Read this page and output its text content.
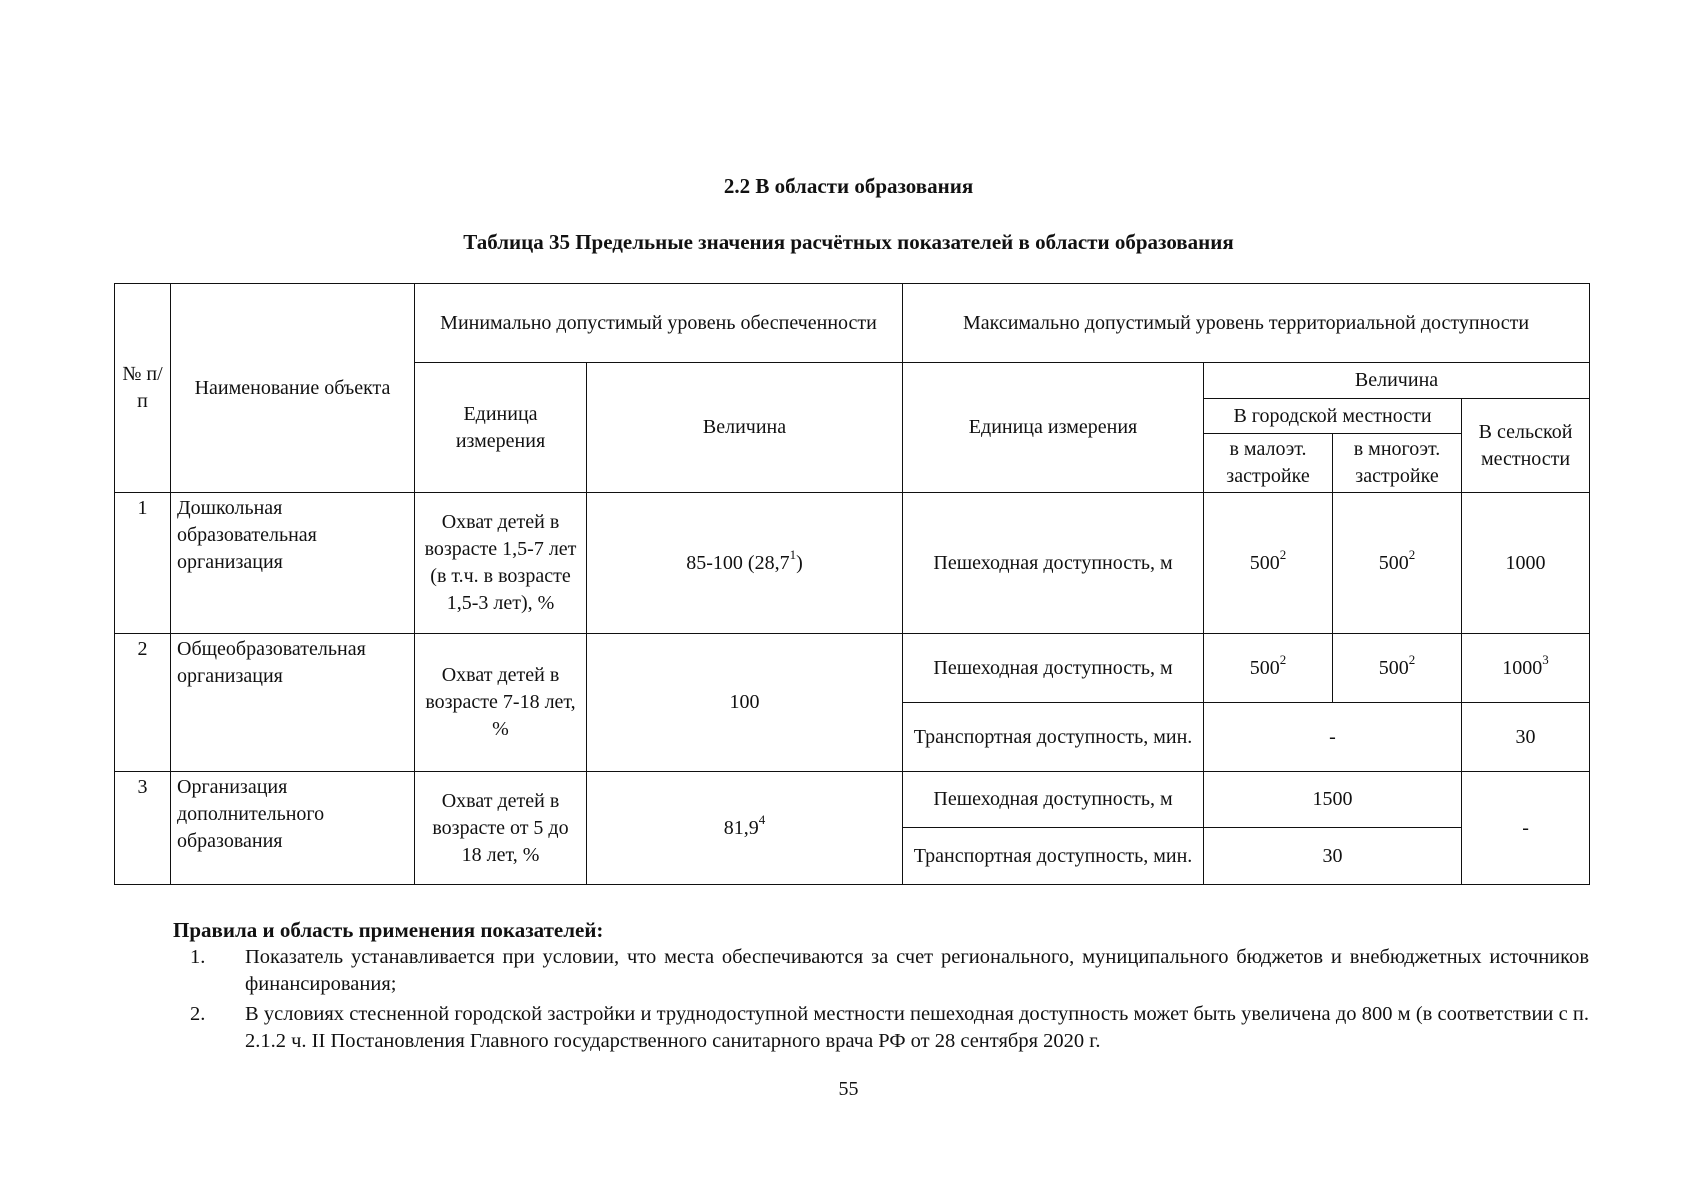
2.2 В области образования
Таблица 35 Предельные значения расчётных показателей в области образования
№ п/п	Наименование объекта	Минимально допустимый уровень обеспеченности		Максимально допустимый уровень территориальной доступности			
		Единица измерения	Величина	Единица измерения	Величина		
					В городской местности		В сельской местности
					в малоэт. застройке	в многоэт. застройке	
1	Дошкольная образовательная организация	Охват детей в возрасте 1,5-7 лет (в т.ч. в возрасте 1,5-3 лет), %	85-100 (28,7$^1$)	Пешеходная доступность, м	$500^2$	$500^2$	1000
2	Общеобразовательная организация	Охват детей в возрасте 7-18 лет, %	100	Пешеходная доступность, м	$500^2$	$500^2$	1000$^3$
				Транспортная доступность, мин.	-		30
3	Организация дополнительного образования	Охват детей в возрасте от 5 до 18 лет, %	81,9$^4$	Пешеходная доступность, м	1500		-
				Транспортная доступность, мин.	30		
Правила и область применения показателей:
1. Показатель устанавливается при условии, что места обеспечиваются за счет регионального, муниципального бюджетов и внебюджетных источников финансирования;
2. В условиях стесненной городской застройки и труднодоступной местности пешеходная доступность может быть увеличена до 800 м (в соответствии с п. 2.1.2 ч. II Постановления Главного государственного санитарного врача РФ от 28 сентября 2020 г.
55
